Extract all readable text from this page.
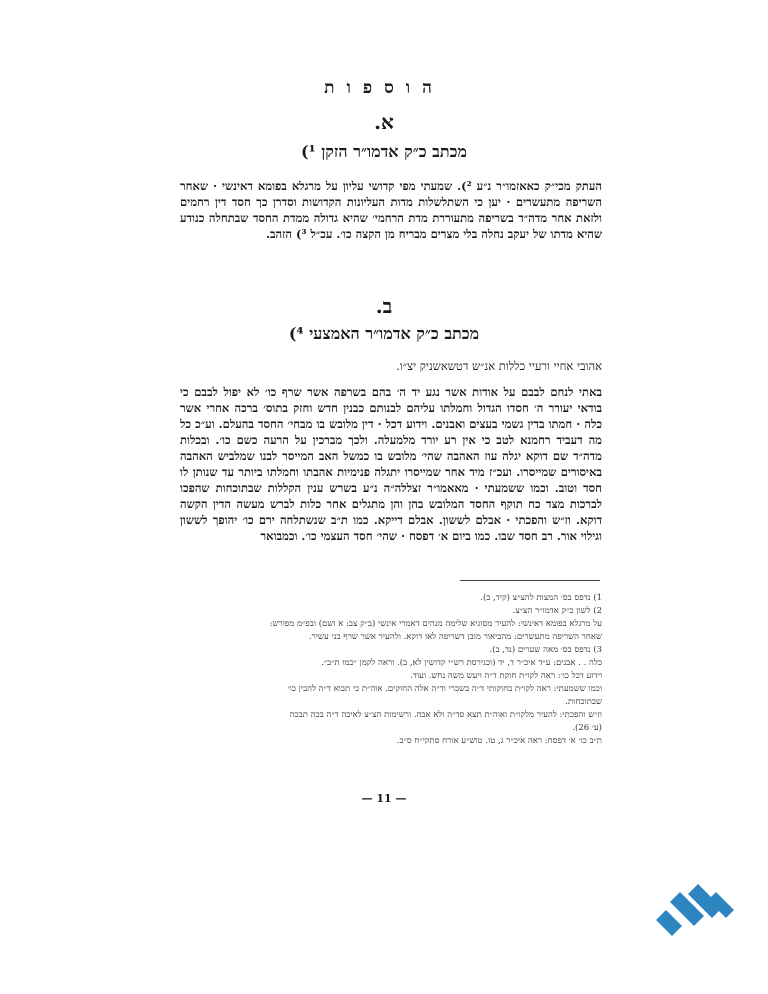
הוספות
א.
מכתב כ״ק אדמו״ר הזקן ¹)
העתק מכי״ק כאאזמו״ר נ״ע ²). שמעתי מפי קדושי עליון על מרגלא בפומא דאינשי · שאחר השריפה מתעשרים · יען כי השתלשלות מדות העליונות הקדושות וסדרן כך חסד דין רחמים ולזאת אחר מדה״ד בשריפה מתעוררת מדת הרחמי׳ שהיא גדולה ממדת החסד שבתחלה כנודע שהיא מדתו של יעקב נחלה בלי מצרים מבריח מן הקצה כו׳. עכ״ל ³) הזהב.
ב.
מכתב כ״ק אדמו״ר האמצעי ⁴)
אהובי אחיי ורעיי כללות אנ״ש דטשאשניק יצ״ו.
באתי לנחם לבבם על אודות אשר נגע יד ה׳ בהם בשרפה אשר שרף כו׳ לא יפול לבבם כי בודאי יעורר ה׳ חסדו הגדול וחמלתו עליהם לבנותם כבנין חדש וחזק בתוס׳ ברכה אחרי אשר כלה · חמתו בדין גשמי בעצים ואבנים. וידוע דכל · דין מלובש בו מבחי׳ החסד בהעלם. וע״כ כל מה דעביד רחמנא לטב כי אין רע יורד מלמעלה. ולכך מברכין על הרעה כשם כו׳. ובכלות מדה״ד שם דוקא יגלה עוז האהבה שהי׳ מלובש בו כמשל האב המייסר לבנו שמלביש האהבה באיסורים שמייסרו. ועכ״ז מיד אחר שמייסרו יתגלה פנימיות אהבתו וחמלתו ביותר עד שנותן לו חסד וטוב. וכמו ששמעתי · מאאמו״ר זצללה״ה נ״ע בשרש ענין הקללות שבתוכחות שהפכו לברכות מצד כח תוקף החסד המלובש בהן והן מתגלים אחר כלות לברש מעשה הדין הקשה דוקא. וז״ש והפכתי · אבלם לששון. אבלם דייקא. כמו ת״ב שנשתלחה ירם כו׳ יהופך לששון וגילוי אור. רב חסד שבו. כמו ביום א׳ דפסח · שהי׳ חסד העצמי כו׳. וכמבואר
1) נדפס בס׳ המצות להצ״צ (קיד, ב).
2) לשון כ״ק אדמו״ר הצ״צ.
על מרגלא בפומא דאינשי: להעיר מסוגיא שלימה מנהים דאמרי אינשי (ב״ק צב: א ושם) ובפ״מ מפורש:
שאחר השריפה מתעשרים: מהביאור מובן דשריפה לאו דוקא. ולהעיר אשר שרף בני עשיר.
3) נדפס בס׳ מאה שערים (נד, ב).
כלה . . אבנים: ע״ד איכ״ר ד, יד (וכגירסת רש״י קדושין לא, ב). וראה לקמן ״כמו ת״ב״.
וידוע דכל כו׳: ראה לקו״ת חוקת ד״ה ויעש משה נחש. ועוד.
וכמו ששמעתי: ראה לקו״ת בחוקותי ד״ה בשברי וד״ה אלה החוקים. אוה״ת כי תבוא ד״ה להבין כו׳
שבתוכחות.
וז״ש והפכתי: להעיר מלקו״ת ואוה״ת תצא סד״ה ולא אבה. ורשימות הצ״צ לאיכה ד״ה בכה תבכה
(ע׳ 26).
ת״ב כו׳ א׳ דפסח: ראה איכ״ר ג, טו. טוש״ע אורח סתקי״ח ס״ב.
— 11 —
